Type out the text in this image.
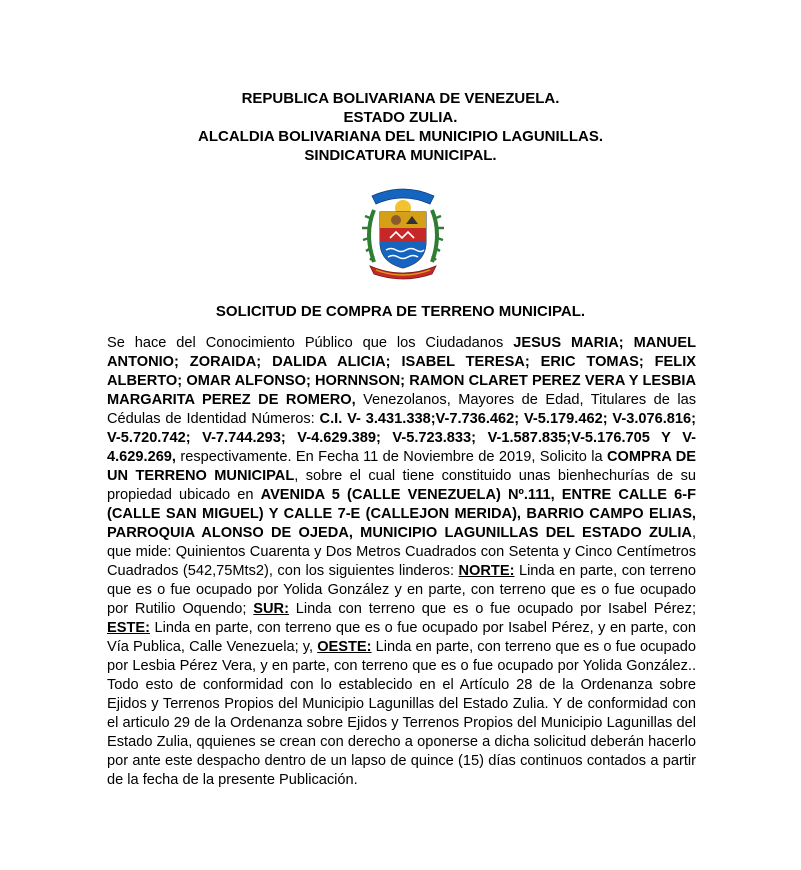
REPUBLICA BOLIVARIANA DE VENEZUELA.
ESTADO ZULIA.
ALCALDIA BOLIVARIANA DEL MUNICIPIO LAGUNILLAS.
SINDICATURA MUNICIPAL.
SOLICITUD DE COMPRA DE TERRENO MUNICIPAL.
Se hace del Conocimiento Público que los Ciudadanos JESUS MARIA; MANUEL ANTONIO; ZORAIDA; DALIDA ALICIA; ISABEL TERESA; ERIC TOMAS; FELIX ALBERTO; OMAR ALFONSO; HORNNSON; RAMON CLARET PEREZ VERA Y LESBIA MARGARITA PEREZ DE ROMERO, Venezolanos, Mayores de Edad, Titulares de las Cédulas de Identidad Números: C.I. V- 3.431.338;V-7.736.462; V-5.179.462; V-3.076.816; V-5.720.742; V-7.744.293; V-4.629.389; V-5.723.833; V-1.587.835;V-5.176.705 Y V-4.629.269, respectivamente. En Fecha 11 de Noviembre de 2019, Solicito la COMPRA DE UN TERRENO MUNICIPAL, sobre el cual tiene constituido unas bienhechurías de su propiedad ubicado en AVENIDA 5 (CALLE VENEZUELA) Nº.111, ENTRE CALLE 6-F (CALLE SAN MIGUEL) Y CALLE 7-E (CALLEJON MERIDA), BARRIO CAMPO ELIAS, PARROQUIA ALONSO DE OJEDA, MUNICIPIO LAGUNILLAS DEL ESTADO ZULIA, que mide: Quinientos Cuarenta y Dos Metros Cuadrados con Setenta y Cinco Centímetros Cuadrados (542,75Mts2), con los siguientes linderos: NORTE: Linda en parte, con terreno que es o fue ocupado por Yolida González y en parte, con terreno que es o fue ocupado por Rutilio Oquendo; SUR: Linda con terreno que es o fue ocupado por Isabel Pérez; ESTE: Linda en parte, con terreno que es o fue ocupado por Isabel Pérez, y en parte, con Vía Publica, Calle Venezuela; y, OESTE: Linda en parte, con terreno que es o fue ocupado por Lesbia Pérez Vera, y en parte, con terreno que es o fue ocupado por Yolida González.. Todo esto de conformidad con lo establecido en el Artículo 28 de la Ordenanza sobre Ejidos y Terrenos Propios del Municipio Lagunillas del Estado Zulia. Y de conformidad con el articulo 29 de la Ordenanza sobre Ejidos y Terrenos Propios del Municipio Lagunillas del Estado Zulia, qquienes se crean con derecho a oponerse a dicha solicitud deberán hacerlo por ante este despacho dentro de un lapso de quince (15) días continuos contados a partir de la fecha de la presente Publicación.
